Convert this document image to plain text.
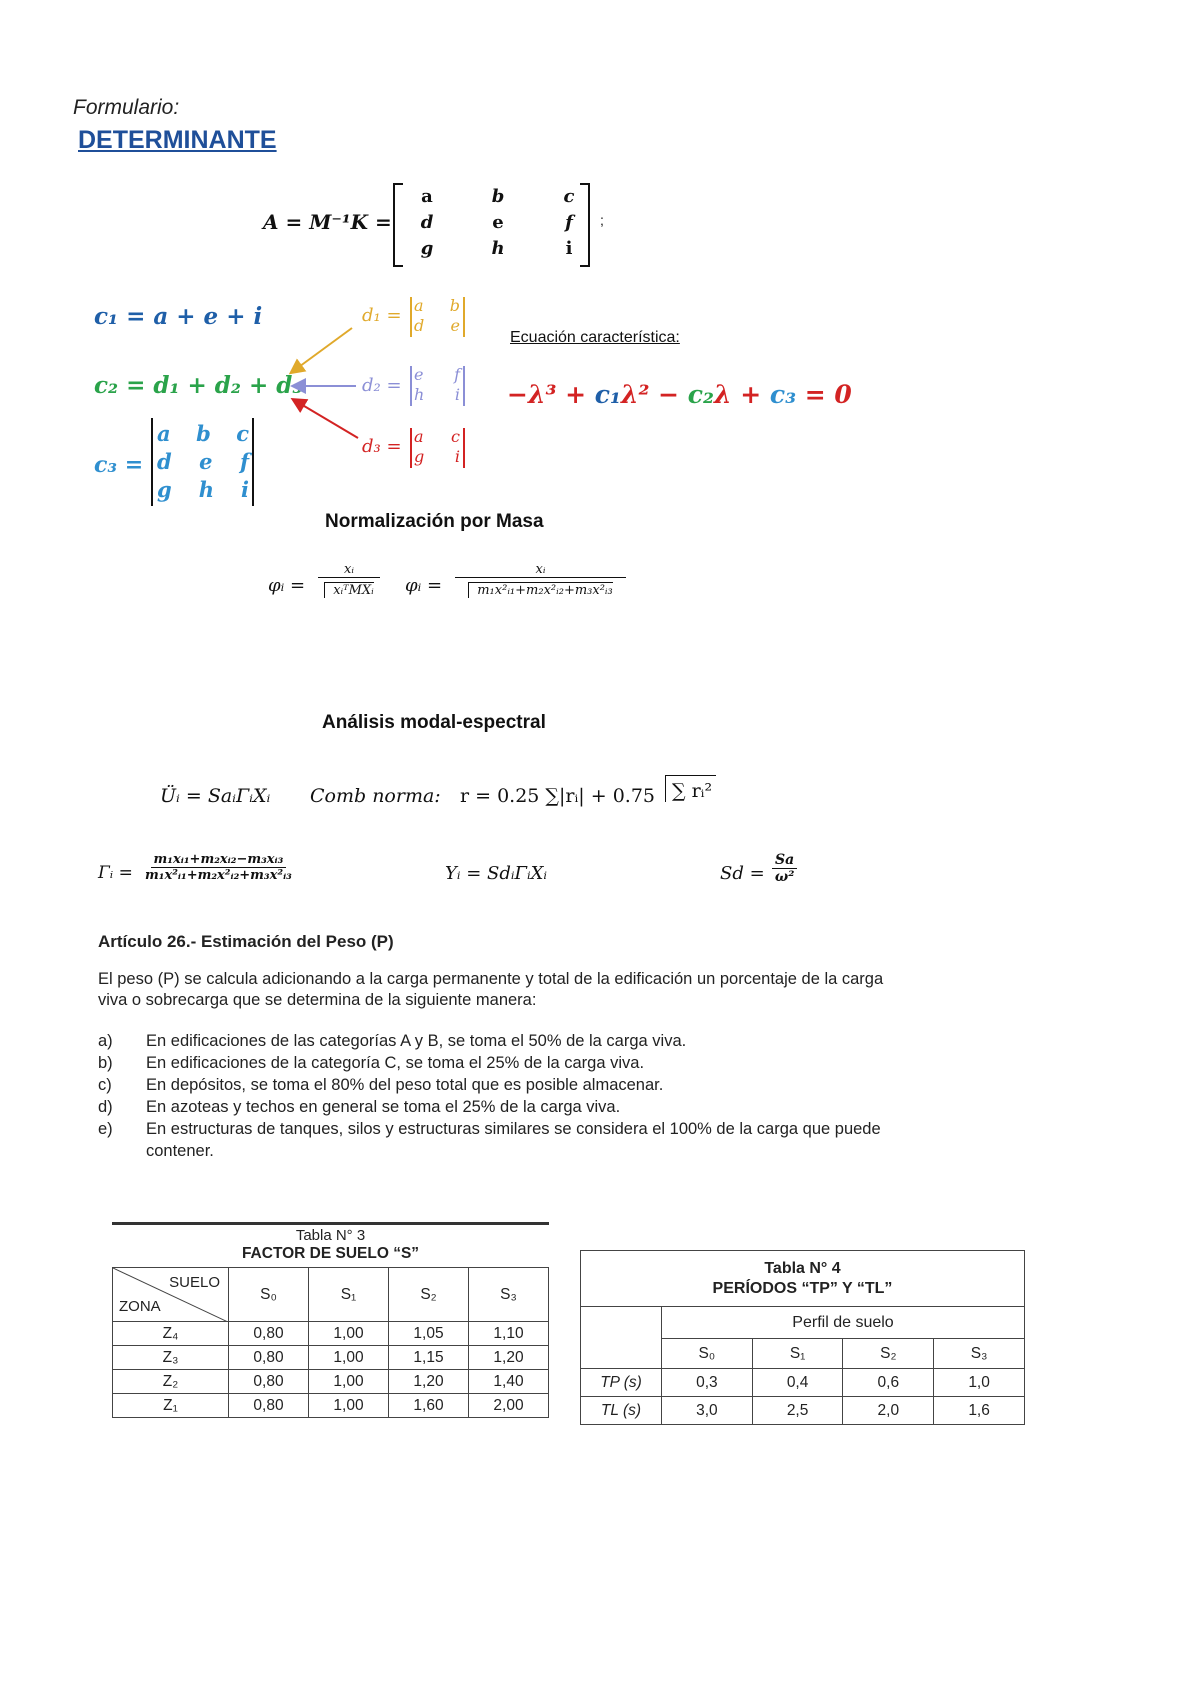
Formulario:
DETERMINANTE
A = M⁻¹K =
a	b	c
d	e	f
g	h	i
;
c₁ = a + e + i
c₂ = d₁ + d₂ + d₃
c₃ =
a b c
d e f
g h i
d₁ = a b
d e
d₂ =
e f
h i
d₃ = a c
g i
Ecuación característica:
−λ³ + c₁λ² − c₂λ + c₃ = 0
Normalización por Masa
φᵢ =
xᵢ
xᵢᵀMXᵢ φᵢ = $\frac{\text{xᵢ}}{\text{m₁x²ᵢ₁+m₂x²ᵢ₂+m₃x²ᵢ₃}}$
Análisis modal-espectral
Üᵢ = SaᵢΓᵢXᵢ Comb norma: r = 0.25 ∑|rᵢ| + 0.75 ∑ rᵢ²
Γᵢ = $\frac{\text{m₁xᵢ₁+m₂xᵢ₂−m₃xᵢ₃}}{\text{m₁x²ᵢ₁+m₂x²ᵢ₂+m₃x²ᵢ₃}}$	Yᵢ = SdᵢΓᵢXᵢ	$Sd = \frac{Sa}{\text{ω²}}$
Artículo 26.- Estimación del Peso (P)
El peso (P) se calcula adicionando a la carga permanente y total de la edificación un porcentaje de la carga
viva o sobrecarga que se determina de la siguiente manera:
a)	En edificaciones de las categorías A y B, se toma el 50% de la carga viva.
b)	En edificaciones de la categoría C, se toma el 25% de la carga viva.
c)	En depósitos, se toma el 80% del peso total que es posible almacenar.
d)	En azoteas y techos en general se toma el 25% de la carga viva.
e)	En estructuras de tanques, silos y estructuras similares se considera el 100% de la carga que puede
contener.
Tabla N° 3
FACTOR DE SUELO “S”
SUELO
ZONA	S₀	S₁	S₂	S₃
Z₄	0,80	1,00	1,05	1,10
Z₃	0,80	1,00	1,15	1,20
Z₂	0,80	1,00	1,20	1,40
Z₁	0,80	1,00	1,60	2,00
Tabla N° 4
PERÍODOS “TP” Y “TL”				

	Perfil de suelo			
	S₀	S₁	S₂	S₃
TP (s)	0,3	0,4	0,6	1,0
TL (s)	3,0	2,5	2,0	1,6
